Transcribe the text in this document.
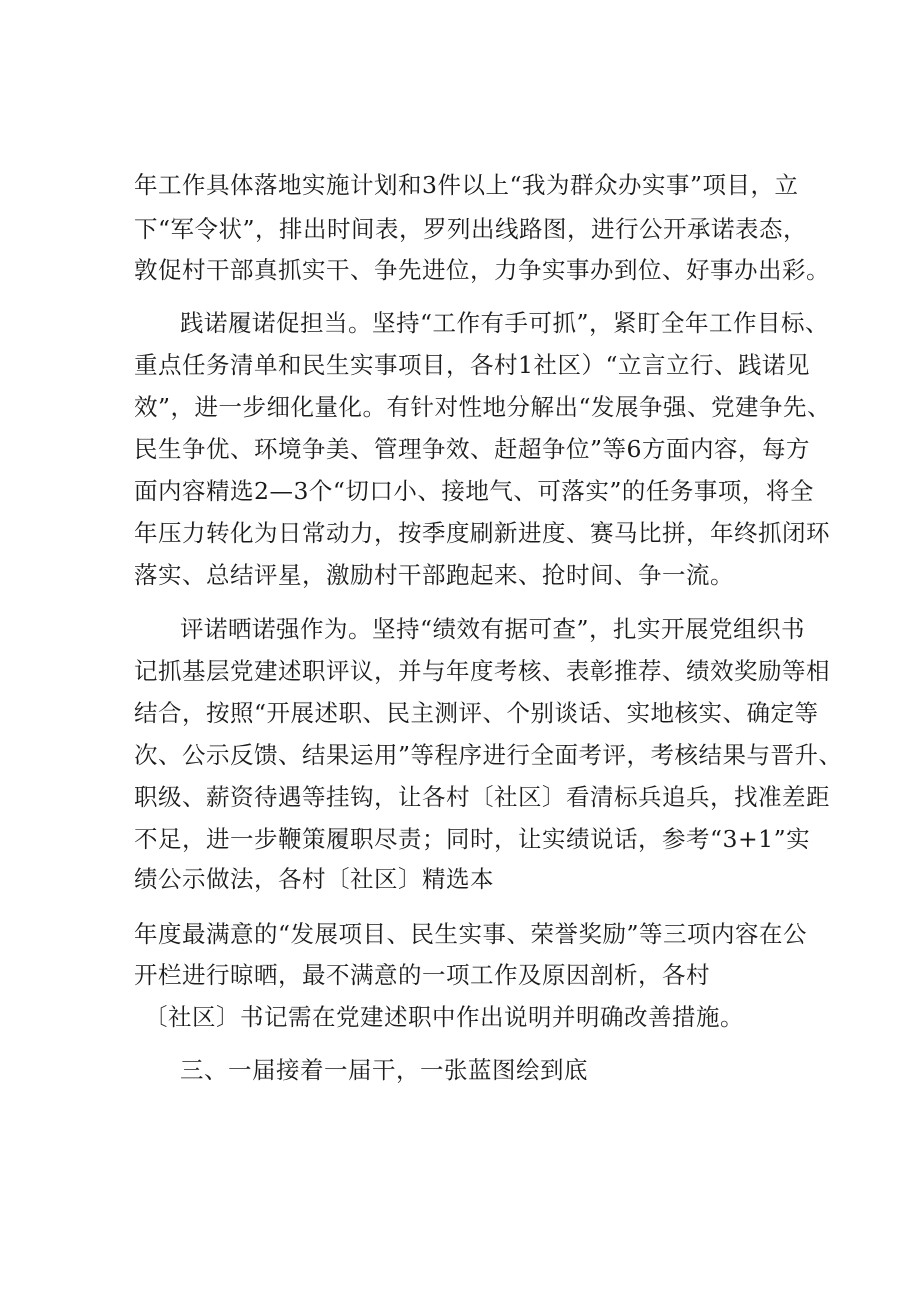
年工作具体落地实施计划和3件以上“我为群众办实事”项目，立
下“军令状”，排出时间表，罗列出线路图，进行公开承诺表态，
敦促村干部真抓实干、争先进位，力争实事办到位、好事办出彩。
践诺履诺促担当。坚持“工作有手可抓”，紧盯全年工作目标、
重点任务清单和民生实事项目，各村1社区）“立言立行、践诺见
效”，进一步细化量化。有针对性地分解出“发展争强、党建争先、
民生争优、环境争美、管理争效、赶超争位”等6方面内容，每方
面内容精选2—3个“切口小、接地气、可落实”的任务事项，将全
年压力转化为日常动力，按季度刷新进度、赛马比拼，年终抓闭环
落实、总结评星，激励村干部跑起来、抢时间、争一流。
评诺晒诺强作为。坚持“绩效有据可查”，扎实开展党组织书
记抓基层党建述职评议，并与年度考核、表彰推荐、绩效奖励等相
结合，按照“开展述职、民主测评、个别谈话、实地核实、确定等
次、公示反馈、结果运用”等程序进行全面考评，考核结果与晋升、
职级、薪资待遇等挂钩，让各村〔社区〕看清标兵追兵，找准差距
不足，进一步鞭策履职尽责；同时，让实绩说话，参考“3+1”实
绩公示做法，各村〔社区〕精选本
年度最满意的“发展项目、民生实事、荣誉奖励”等三项内容在公
开栏进行晾晒，最不满意的一项工作及原因剖析，各村
〔社区〕书记需在党建述职中作出说明并明确改善措施。
三、一届接着一届干，一张蓝图绘到底
